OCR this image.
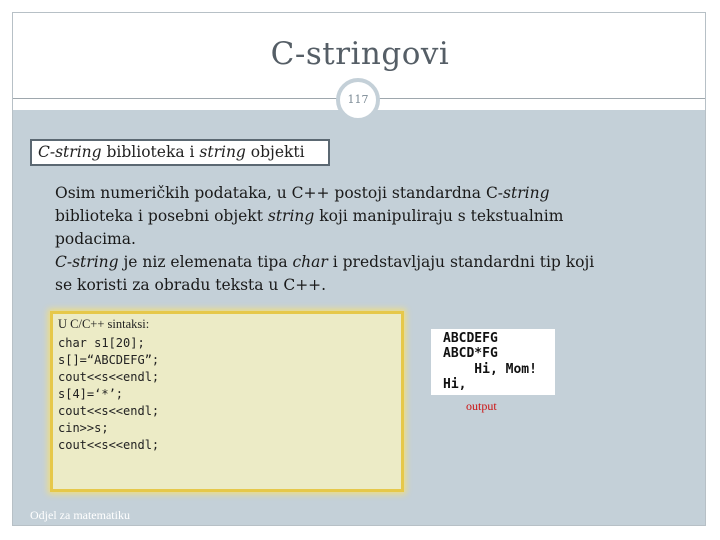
C-stringovi
117
C-string biblioteka i string objekti

Osim numeričkih podataka, u C++ postoji standardna C-string

biblioteka i posebni objekt string koji manipuliraju s tekstualnim

podacima.

C-string je niz elemenata tipa char i predstavljaju standardni tip koji

se koristi za obradu teksta u C++.

U C/C++ sintaksi:
char s1[20];
s[]=“ABCDEFG”;
cout<<s<<endl;
s[4]=‘*’;
cout<<s<<endl;
cin>>s;
cout<<s<<endl;
ABCDEFG
ABCD*FG
Hi, Mom!
Hi,
output
Odjel za matematiku
